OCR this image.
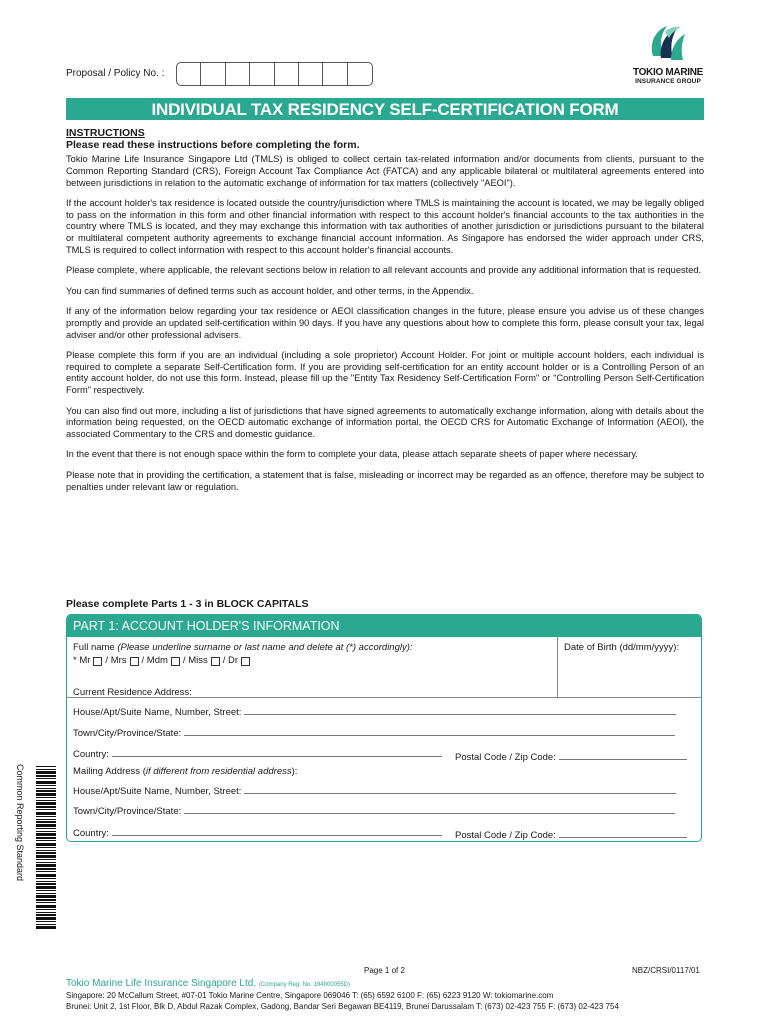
Proposal / Policy No. :	TOKIO MARINE
INSURANCE GROUP
INDIVIDUAL TAX RESIDENCY SELF-CERTIFICATION FORM
INSTRUCTIONS

Please read these instructions before completing the form.

Tokio Marine Life Insurance Singapore Ltd (TMLS) is obliged to collect certain tax-related information and/or documents from clients, pursuant to the Common Reporting Standard (CRS), Foreign Account Tax Compliance Act (FATCA) and any applicable bilateral or multilateral agreements entered into between jurisdictions in relation to the automatic exchange of information for tax matters (collectively "AEOI").

If the account holder's tax residence is located outside the country/jurisdiction where TMLS is maintaining the account is located, we may be legally obliged to pass on the information in this form and other financial information with respect to this account holder's financial accounts to the tax authorities in the country where TMLS is located, and they may exchange this information with tax authorities of another jurisdiction or jurisdictions pursuant to the bilateral or multilateral competent authority agreements to exchange financial account information. As Singapore has endorsed the wider approach under CRS, TMLS is required to collect information with respect to this account holder's financial accounts.

Please complete, where applicable, the relevant sections below in relation to all relevant accounts and provide any additional information that is requested.

You can find summaries of defined terms such as account holder, and other terms, in the Appendix.

If any of the information below regarding your tax residence or AEOI classification changes in the future, please ensure you advise us of these changes promptly and provide an updated self-certification within 90 days. If you have any questions about how to complete this form, please consult your tax, legal adviser and/or other professional advisers.

Please complete this form if you are an individual (including a sole proprietor) Account Holder. For joint or multiple account holders, each individual is required to complete a separate Self-Certification form. If you are providing self-certification for an entity account holder or is a Controlling Person of an entity account holder, do not use this form. Instead, please fill up the "Entity Tax Residency Self-Certification Form" or "Controlling Person Self-Certification Form" respectively.

You can also find out more, including a list of jurisdictions that have signed agreements to automatically exchange information, along with details about the information being requested, on the OECD automatic exchange of information portal, the OECD CRS for Automatic Exchange of Information (AEOI), the associated Commentary to the CRS and domestic guidance.

In the event that there is not enough space within the form to complete your data, please attach separate sheets of paper where necessary.

Please note that in providing the certification, a statement that is false, misleading or incorrect may be regarded as an offence, therefore may be subject to penalties under relevant law or regulation.

Please complete Parts 1 - 3 in BLOCK CAPITALS
PART 1: ACCOUNT HOLDER'S INFORMATION
Full name (Please underline surname or last name and delete at (*) accordingly):
* Mr / Mrs / Mdm / Miss / Dr
Date of Birth (dd/mm/yyyy):
Current Residence Address:
House/Apt/Suite Name, Number, Street:
Town/City/Province/State:
Country:	Postal Code / Zip Code:
Mailing Address (if different from residential address):
House/Apt/Suite Name, Number, Street:
Town/City/Province/State:
Country:	Postal Code / Zip Code:
Common Reporting Standard
Page 1 of 2	NBZ/CRSI/0117/01
Tokio Marine Life Insurance Singapore Ltd. (Company Reg. No. 194800055D)
Singapore: 20 McCallum Street, #07-01 Tokio Marine Centre, Singapore 069046 T: (65) 6592 6100 F: (65) 6223 9120 W: tokiomarine.com
Brunei: Unit 2, 1st Floor, Blk D, Abdul Razak Complex, Gadong, Bandar Seri Begawan BE4119, Brunei Darussalam T: (673) 02-423 755 F: (673) 02-423 754
